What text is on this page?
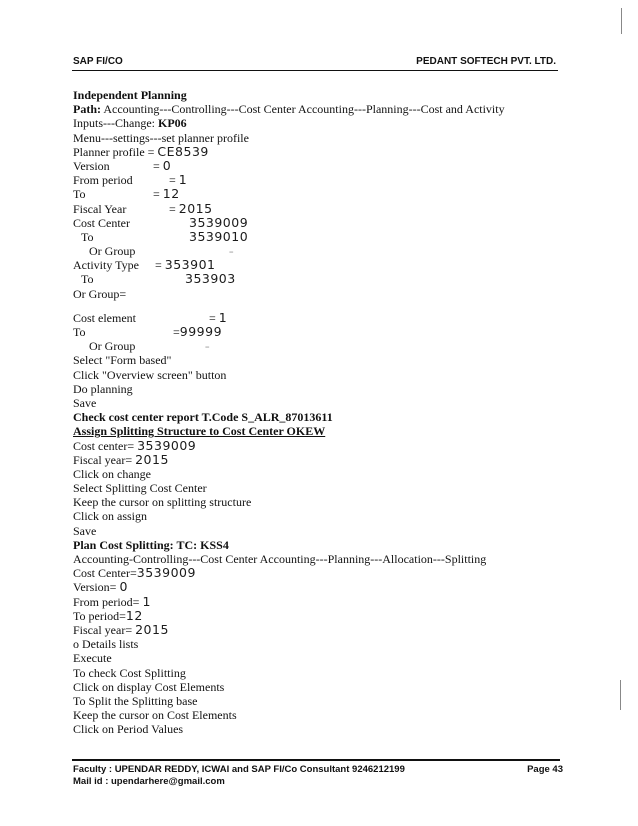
SAP FI/CO	PEDANT SOFTECH PVT. LTD.
Independent Planning
Path: Accounting---Controlling---Cost Center Accounting---Planning---Cost and Activity
Inputs---Change: KP06
Menu---settings---set planner profile
Planner profile = CE8539
Version	= 0
From period	= 1
To	= 12
Fiscal Year	= 2015
Cost Center	3539009
To	3539010
Or Group	=
Activity Type = 353901
To	353903
Or Group=
Cost element	= 1
To	=99999
Or Group	=
Select "Form based"
Click "Overview screen" button
Do planning
Save
Check cost center report T.Code S_ALR_87013611
Assign Splitting Structure to Cost Center OKEW
Cost center= 3539009
Fiscal year= 2015
Click on change
Select Splitting Cost Center
Keep the cursor on splitting structure
Click on assign
Save
Plan Cost Splitting: TC: KSS4
Accounting-Controlling---Cost Center Accounting---Planning---Allocation---Splitting
Cost Center=3539009
Version= 0
From period= 1
To period=12
Fiscal year= 2015
o Details lists
Execute
To check Cost Splitting
Click on display Cost Elements
To Split the Splitting base
Keep the cursor on Cost Elements
Click on Period Values
Faculty : UPENDAR REDDY, ICWAI and SAP FI/Co Consultant 9246212199	Page 43
Mail id : upendarhere@gmail.com
